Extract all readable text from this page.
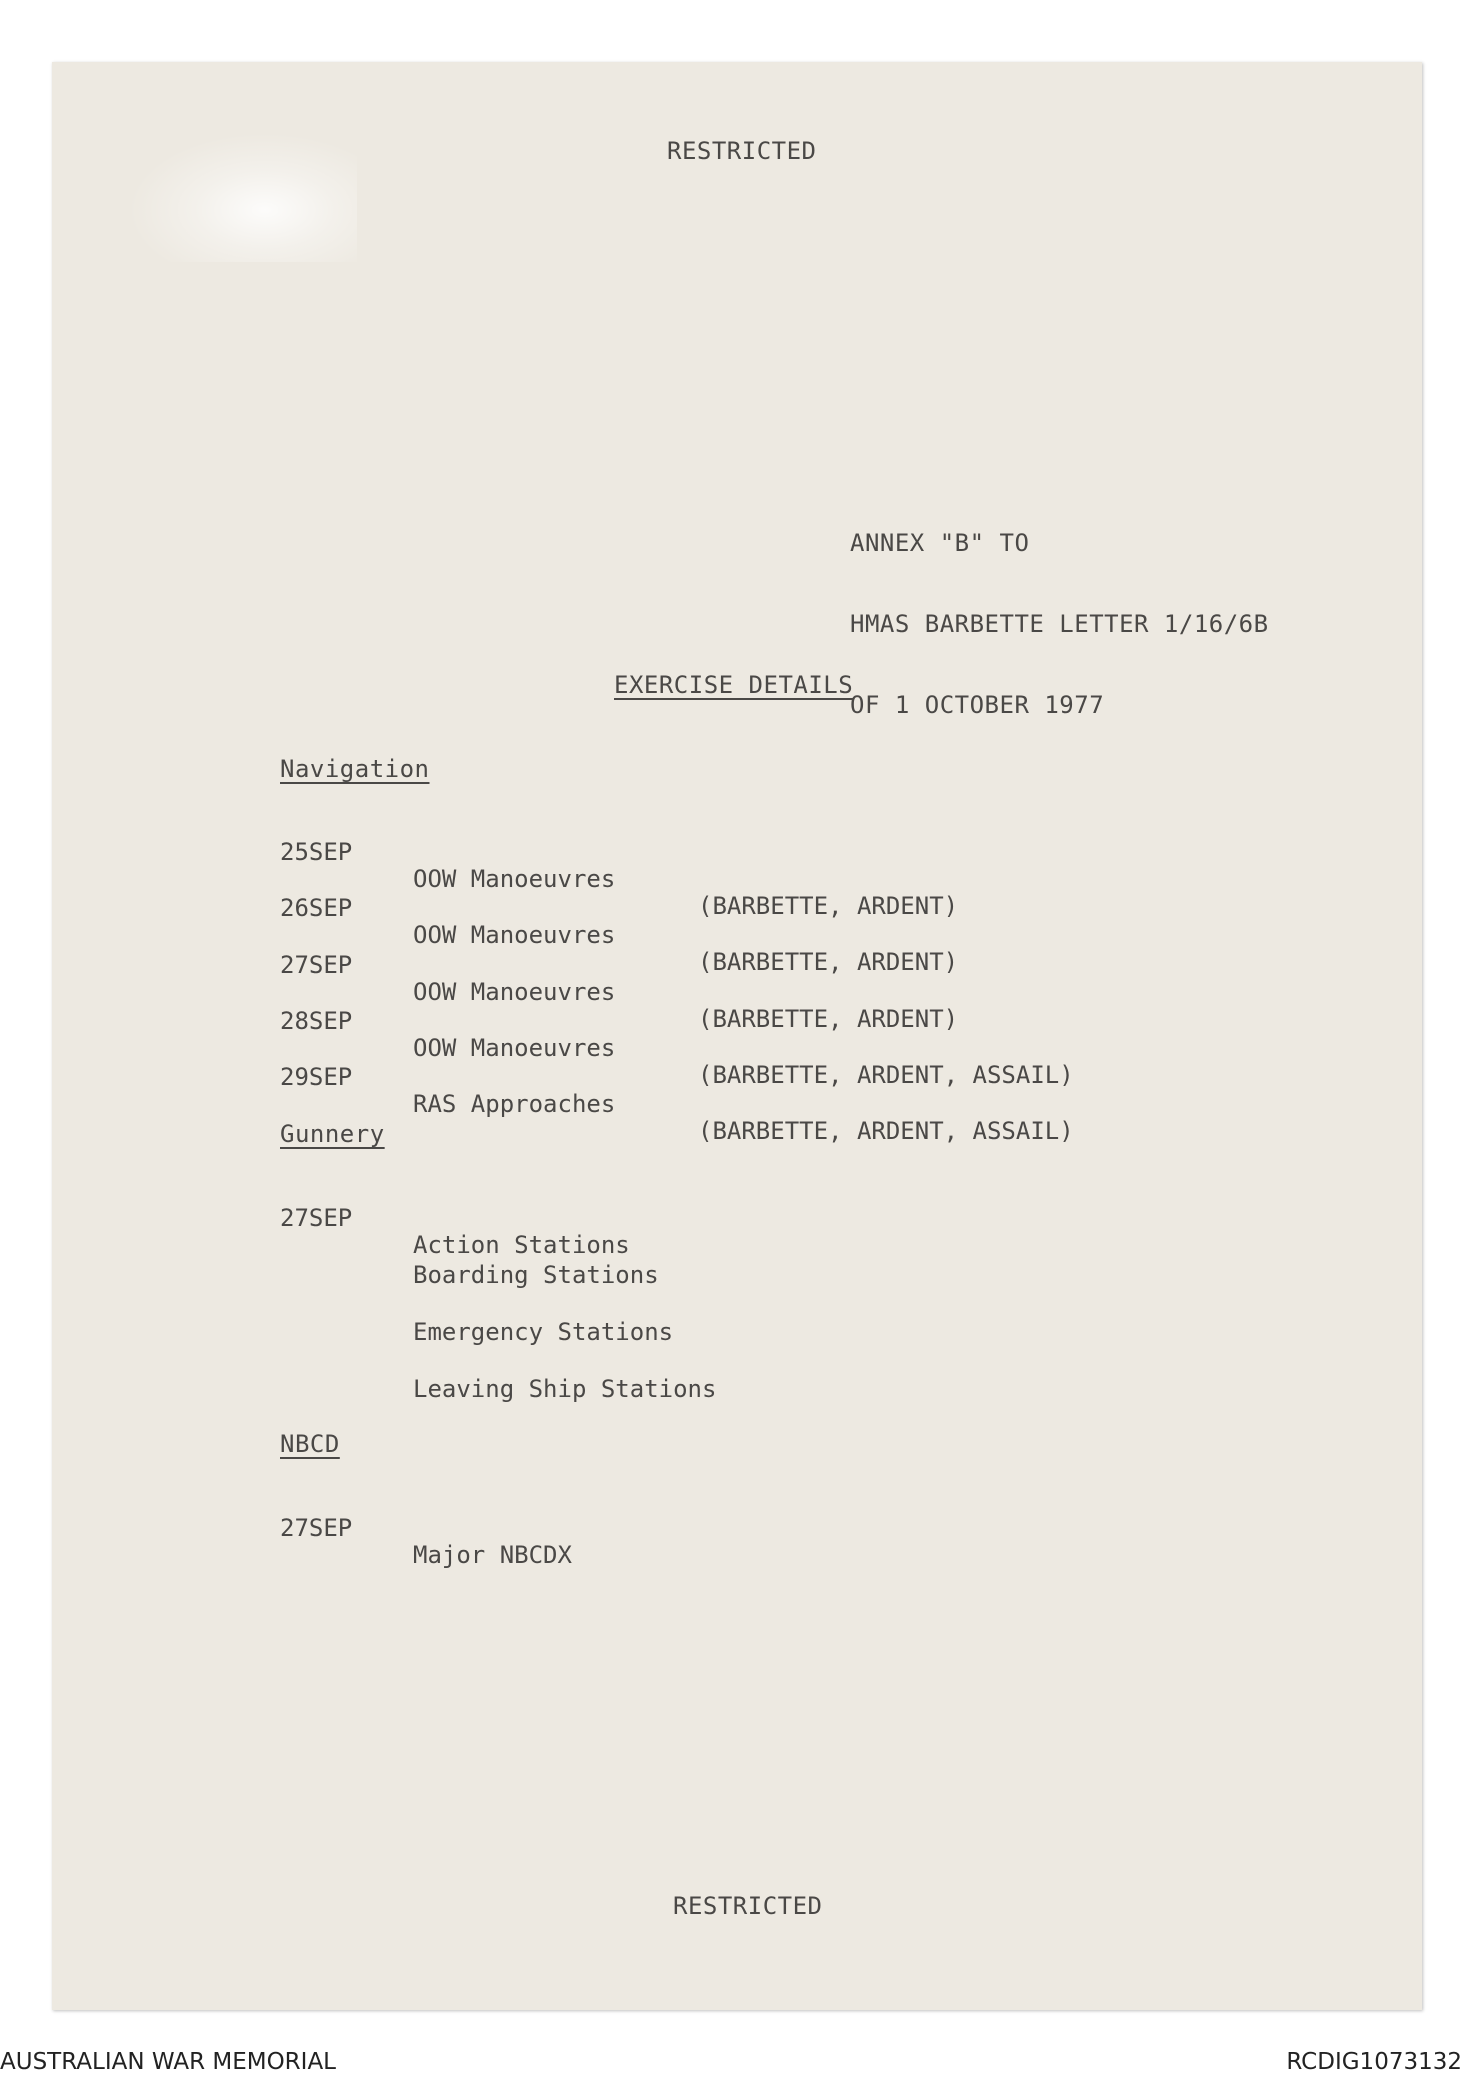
RESTRICTED

ANNEX "B" TO

HMAS BARBETTE LETTER 1/16/6B

OF 1 OCTOBER 1977

EXERCISE DETAILS
Navigation

25SEP

OOW Manoeuvres

(BARBETTE, ARDENT)

26SEP

OOW Manoeuvres

(BARBETTE, ARDENT)

27SEP

OOW Manoeuvres

(BARBETTE, ARDENT)

28SEP

OOW Manoeuvres

(BARBETTE, ARDENT, ASSAIL)

29SEP

RAS Approaches

(BARBETTE, ARDENT, ASSAIL)

Gunnery

27SEP

Action Stations

Boarding Stations

Emergency Stations

Leaving Ship Stations

NBCD

27SEP

Major NBCDX

RESTRICTED
AUSTRALIAN WAR MEMORIAL	RCDIG1073132
